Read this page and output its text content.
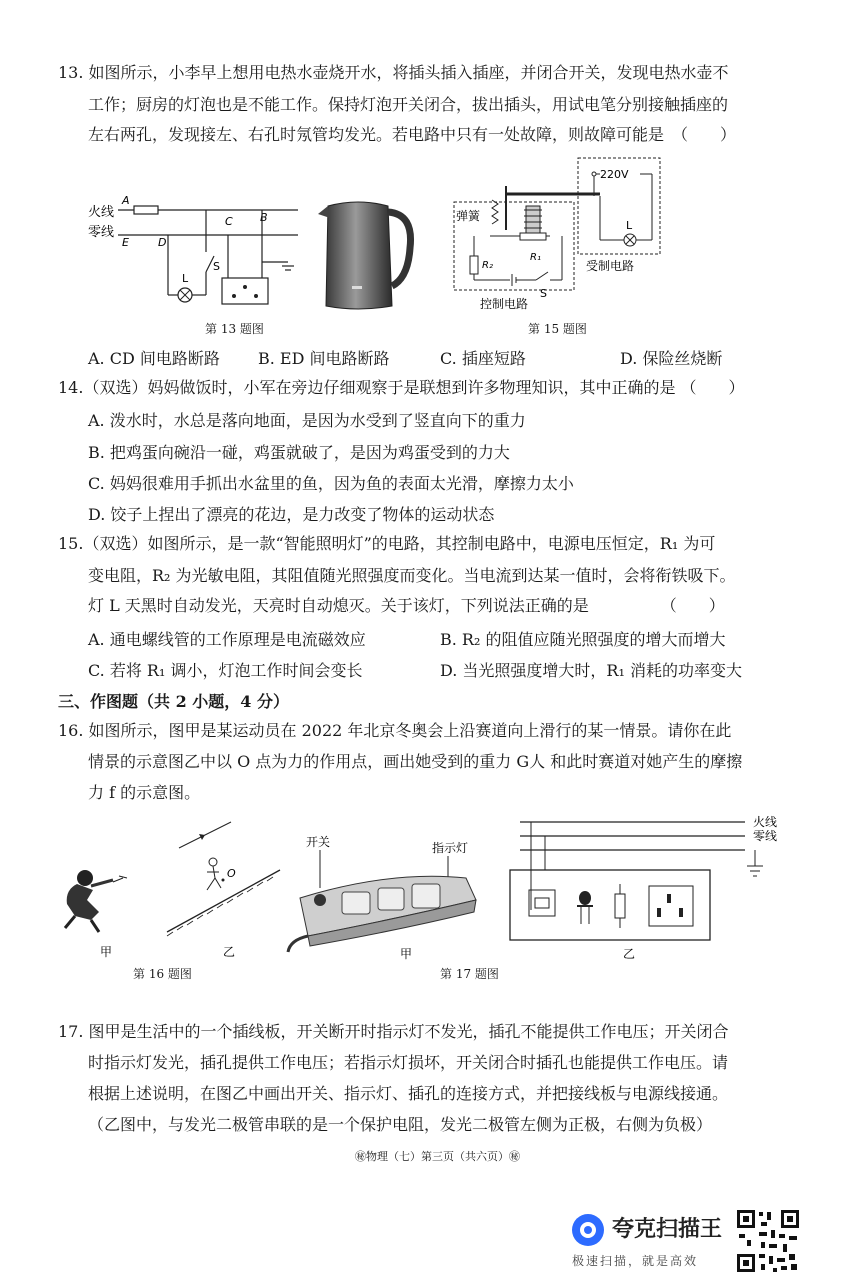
13. 如图所示，小李早上想用电热水壶烧开水，将插头插入插座，并闭合开关，发现电热水壶不
工作；厨房的灯泡也是不能工作。保持灯泡开关闭合，拔出插头，用试电笔分别接触插座的
左右两孔，发现接左、右孔时氖管均发光。若电路中只有一处故障，则故障可能是　（　　）
火线
零线
A
E	D
C B
L
S
第 13 题图
220V
L
受制电路
弹簧
R₁
R₂
S
控制电路
第 15 题图
A. CD 间电路断路 B. ED 间电路断路	C. 插座短路	D. 保险丝烧断
14.（双选）妈妈做饭时，小军在旁边仔细观察于是联想到许多物理知识，其中正确的是 （　　）
A. 泼水时，水总是落向地面，是因为水受到了竖直向下的重力
B. 把鸡蛋向碗沿一碰，鸡蛋就破了，是因为鸡蛋受到的力大
C. 妈妈很难用手抓出水盆里的鱼，因为鱼的表面太光滑，摩擦力太小
D. 饺子上捏出了漂亮的花边，是力改变了物体的运动状态
15.（双选）如图所示，是一款“智能照明灯”的电路，其控制电路中，电源电压恒定，R₁ 为可
变电阻，R₂ 为光敏电阻，其阻值随光照强度而变化。当电流到达某一值时，会将衔铁吸下。
灯 L 天黑时自动发光，天亮时自动熄灭。关于该灯，下列说法正确的是　　　　　（　　）
A. 通电螺线管的工作原理是电流磁效应	B. R₂ 的阻值应随光照强度的增大而增大
C. 若将 R₁ 调小，灯泡工作时间会变长	D. 当光照强度增大时，R₁ 消耗的功率变大
三、作图题（共 2 小题，4 分）
16. 如图所示，图甲是某运动员在 2022 年北京冬奥会上沿赛道向上滑行的某一情景。请你在此
情景的示意图乙中以 O 点为力的作用点，画出她受到的重力 G人 和此时赛道对她产生的摩擦
力 f 的示意图。
甲
O
乙
第 16 题图
开关	指示灯
甲
火线
零线
乙
第 17 题图
17. 图甲是生活中的一个插线板，开关断开时指示灯不发光，插孔不能提供工作电压；开关闭合
时指示灯发光，插孔提供工作电压；若指示灯损坏，开关闭合时插孔也能提供工作电压。请
根据上述说明，在图乙中画出开关、指示灯、插孔的连接方式，并把接线板与电源线接通。
（乙图中，与发光二极管串联的是一个保护电阻，发光二极管左侧为正极，右侧为负极）
㊙物理（七）第三页（共六页）㊙
夸克扫描王
极速扫描，就是高效
